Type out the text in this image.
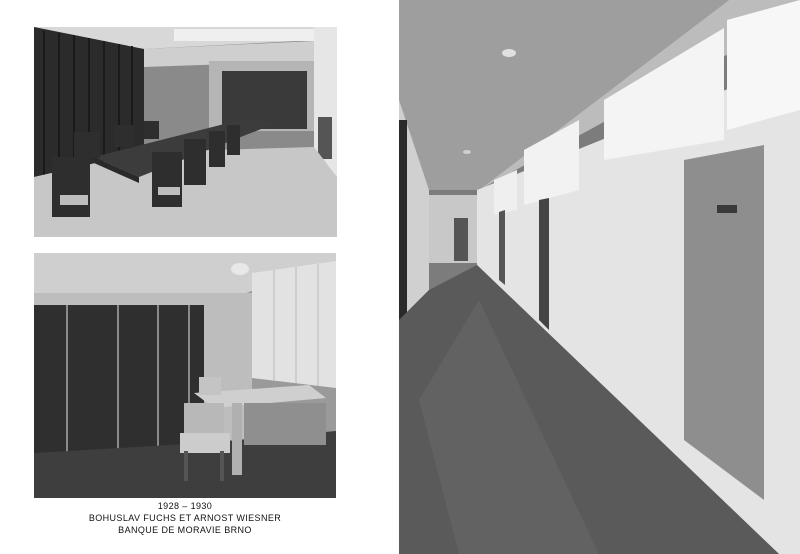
1928 – 1930
BOHUSLAV FUCHS ET ARNOST WIESNER
BANQUE DE MORAVIE BRNO
